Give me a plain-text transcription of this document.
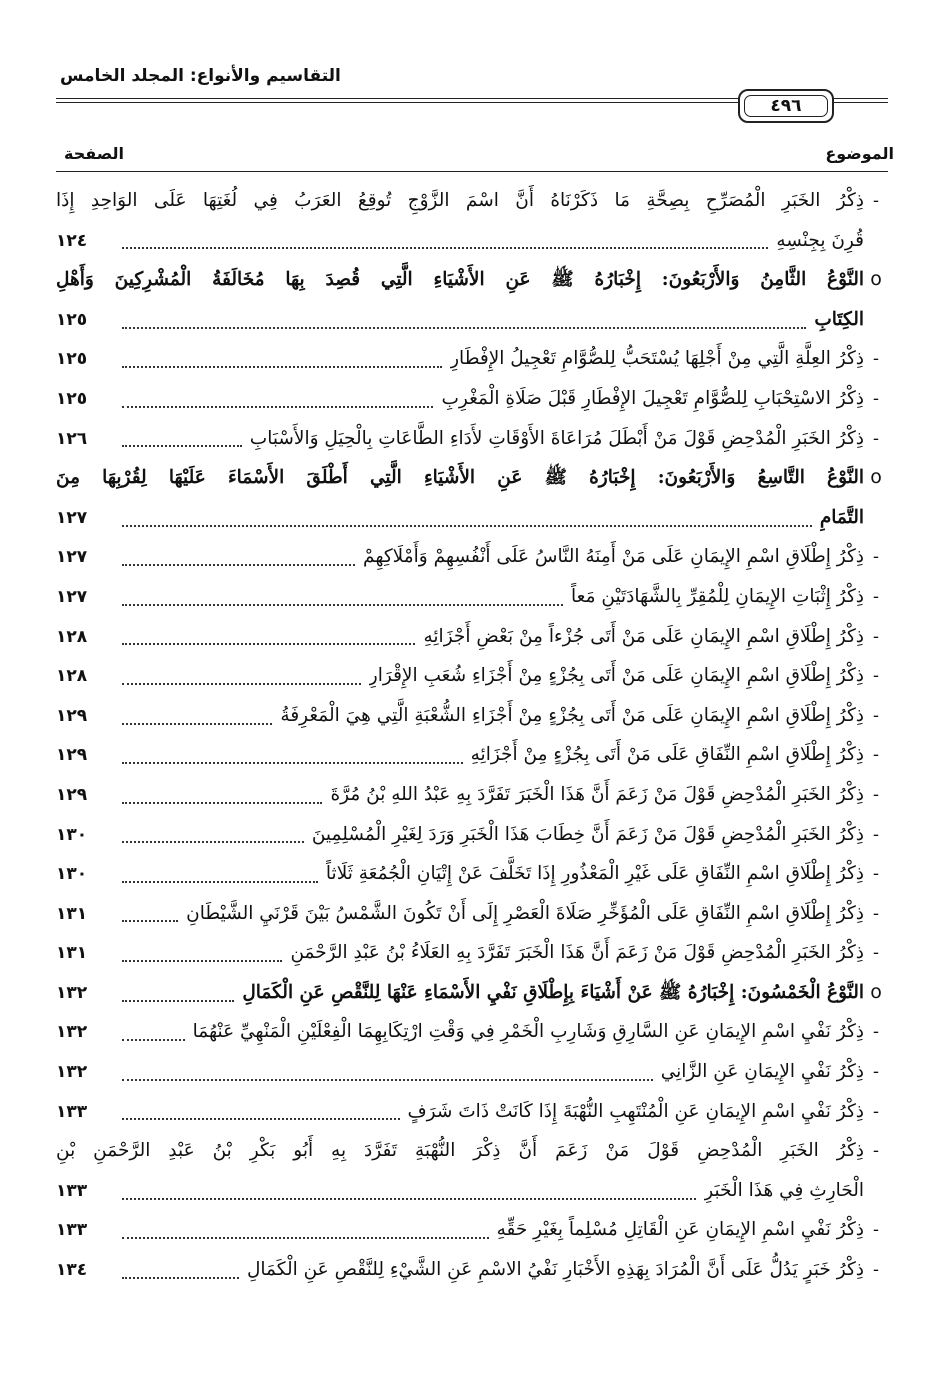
التقاسيم والأنواع: المجلد الخامس
٤٩٦
الموضوع
الصفحة
-
ذِكْرُ الخَبَرِ الْمُصَرِّحِ بِصِحَّةِ مَا ذَكَرْنَاهُ أَنَّ اسْمَ الزَّوْجِ تُوقِعُ العَرَبُ فِي لُغَتِهَا عَلَى الوَاحِدِ إِذَا
قُرِنَ بِجِنْسِهِ
١٢٤
o
النَّوْعُ الثَّامِنُ وَالأَرْبَعُونَ: إِخْبَارُهُ ﷺ عَنِ الأَشْيَاءِ الَّتِي قُصِدَ بِهَا مُخَالَفَةُ الْمُشْرِكِينَ وَأَهْلِ
الكِتَابِ
١٢٥
-
ذِكْرُ العِلَّةِ الَّتِي مِنْ أَجْلِهَا يُسْتَحَبُّ لِلصُّوَّامِ تَعْجِيلُ الإِفْطَارِ
١٢٥
-
ذِكْرُ الاسْتِحْبَابِ لِلصُّوَّامِ تَعْجِيلَ الإِفْطَارِ قَبْلَ صَلَاةِ الْمَغْرِبِ
١٢٥
-
ذِكْرُ الخَبَرِ الْمُدْحِضِ قَوْلَ مَنْ أَبْطَلَ مُرَاعَاةَ الأَوْقَاتِ لأَدَاءِ الطَّاعَاتِ بِالْحِيَلِ وَالأَسْبَابِ
١٢٦
o
النَّوْعُ التَّاسِعُ وَالأَرْبَعُونَ: إِخْبَارُهُ ﷺ عَنِ الأَشْيَاءِ الَّتِي أَطْلَقَ الأَسْمَاءَ عَلَيْهَا لِقُرْبِهَا مِنَ
التَّمَامِ
١٢٧
-
ذِكْرُ إِطْلَاقِ اسْمِ الإِيمَانِ عَلَى مَنْ أَمِنَهُ النَّاسُ عَلَى أَنْفُسِهِمْ وَأَمْلَاكِهِمْ
١٢٧
-
ذِكْرُ إِثْبَاتِ الإِيمَانِ لِلْمُقِرِّ بِالشَّهَادَتَيْنِ مَعاً
١٢٧
-
ذِكْرُ إِطْلَاقِ اسْمِ الإِيمَانِ عَلَى مَنْ أَتَى جُزْءاً مِنْ بَعْضِ أَجْزَائِهِ
١٢٨
-
ذِكْرُ إِطْلَاقِ اسْمِ الإِيمَانِ عَلَى مَنْ أَتَى بِجُزْءٍ مِنْ أَجْزَاءِ شُعَبِ الإِقْرَارِ
١٢٨
-
ذِكْرُ إِطْلَاقِ اسْمِ الإِيمَانِ عَلَى مَنْ أَتَى بِجُزْءٍ مِنْ أَجْزَاءِ الشُّعْبَةِ الَّتِي هِيَ الْمَعْرِفَةُ
١٢٩
-
ذِكْرُ إِطْلَاقِ اسْمِ النِّفَاقِ عَلَى مَنْ أَتَى بِجُزْءٍ مِنْ أَجْزَائِهِ
١٢٩
-
ذِكْرُ الخَبَرِ الْمُدْحِضِ قَوْلَ مَنْ زَعَمَ أَنَّ هَذَا الْخَبَرَ تَفَرَّدَ بِهِ عَبْدُ اللهِ بْنُ مُرَّةَ
١٢٩
-
ذِكْرُ الخَبَرِ الْمُدْحِضِ قَوْلَ مَنْ زَعَمَ أَنَّ خِطَابَ هَذَا الْخَبَرِ وَرَدَ لِغَيْرِ الْمُسْلِمِينَ
١٣٠
-
ذِكْرُ إِطْلَاقِ اسْمِ النِّفَاقِ عَلَى غَيْرِ الْمَعْذُورِ إِذَا تَخَلَّفَ عَنْ إِتْيَانِ الْجُمُعَةِ ثَلَاثاً
١٣٠
-
ذِكْرُ إِطْلَاقِ اسْمِ النِّفَاقِ عَلَى الْمُؤَخِّرِ صَلَاةَ الْعَصْرِ إِلَى أَنْ تَكُونَ الشَّمْسُ بَيْنَ قَرْنَيِ الشَّيْطَانِ
١٣١
-
ذِكْرُ الخَبَرِ الْمُدْحِضِ قَوْلَ مَنْ زَعَمَ أَنَّ هَذَا الْخَبَرَ تَفَرَّدَ بِهِ العَلَاءُ بْنُ عَبْدِ الرَّحْمَنِ
١٣١
o
النَّوْعُ الْخَمْسُونَ: إِخْبَارُهُ ﷺ عَنْ أَشْيَاءَ بِإِطْلَاقِ نَفْيِ الأَسْمَاءِ عَنْهَا لِلنَّقْصِ عَنِ الْكَمَالِ
١٣٢
-
ذِكْرُ نَفْيِ اسْمِ الإِيمَانِ عَنِ السَّارِقِ وَشَارِبِ الْخَمْرِ فِي وَقْتِ ارْتِكَابِهِمَا الْفِعْلَيْنِ الْمَنْهِيِّ عَنْهُمَا
١٣٢
-
ذِكْرُ نَفْيِ الإِيمَانِ عَنِ الزَّانِي
١٣٢
-
ذِكْرُ نَفْيِ اسْمِ الإِيمَانِ عَنِ الْمُنْتَهِبِ النُّهْبَةَ إِذَا كَانَتْ ذَاتَ شَرَفٍ
١٣٣
-
ذِكْرُ الخَبَرِ الْمُدْحِضِ قَوْلَ مَنْ زَعَمَ أَنَّ ذِكْرَ النُّهْبَةِ تَفَرَّدَ بِهِ أَبُو بَكْرِ بْنُ عَبْدِ الرَّحْمَنِ بْنِ
الْحَارِثِ فِي هَذَا الْخَبَرِ
١٣٣
-
ذِكْرُ نَفْيِ اسْمِ الإِيمَانِ عَنِ الْقَاتِلِ مُسْلِماً بِغَيْرِ حَقِّهِ
١٣٣
-
ذِكْرُ خَبَرٍ يَدُلُّ عَلَى أَنَّ الْمُرَادَ بِهَذِهِ الأَخْبَارِ نَفْيُ الاسْمِ عَنِ الشَّيْءِ لِلنَّقْصِ عَنِ الْكَمَالِ
١٣٤
